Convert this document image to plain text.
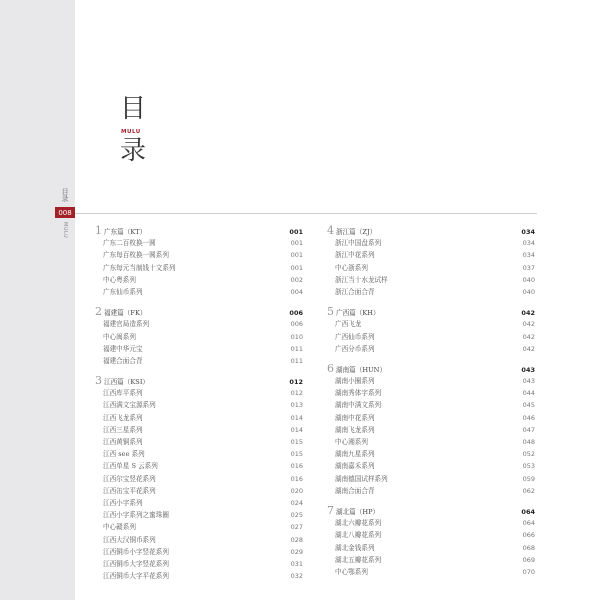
目录
008
MULU
目
MULU
录
1 广东篇（KT）	001
广东二百枚换一圆	001
广东每百枚换一圆系列	001
广东每元当制钱十文系列	001
中心粤系列	002
广东仙币系列	004
2 福建篇（FK）	006
福建官局造系列	006
中心闽系列	010
福建中华元宝	011
福建合面合背	011
3 江西篇（KSI）	012
江西库平系列	012
江西满文宝源系列	013
江西飞龙系列	014
江西三星系列	014
江西黄铜系列	015
江西 see 系列	015
江西单星 S 云系列	016
江西尔宝竖花系列	016
江西缶宝平花系列	020
江西小字系列	024
江西小字系列之蜜珠圈	025
中心赣系列	027
江西大汉铜币系列	028
江西铜币小字竖花系列	029
江西铜币大字竖花系列	031
江西铜币大字平花系列	032
4 浙江篇（ZJ）	034
浙江中国盘系列	034
浙江中花系列	034
中心浙系列	037
浙江当十水龙试样	040
浙江合面合背	040
5 广西篇（KH）	042
广西飞龙	042
广西仙币系列	042
广西分币系列	042
6 湖南篇（HUN）	043
湖南小圈系列	043
湖南秀体字系列	044
湖南中满文系列	045
湖南中花系列	046
湖南飞龙系列	047
中心湘系列	048
湖南九星系列	052
湖南嘉禾系列	053
湖南德国试样系列	059
湖南合面合背	062
7 湖北篇（HP）	064
湖北六瓣花系列	064
湖北八瓣花系列	066
湖北金钱系列	068
湖北五瓣花系列	069
中心鄂系列	070
